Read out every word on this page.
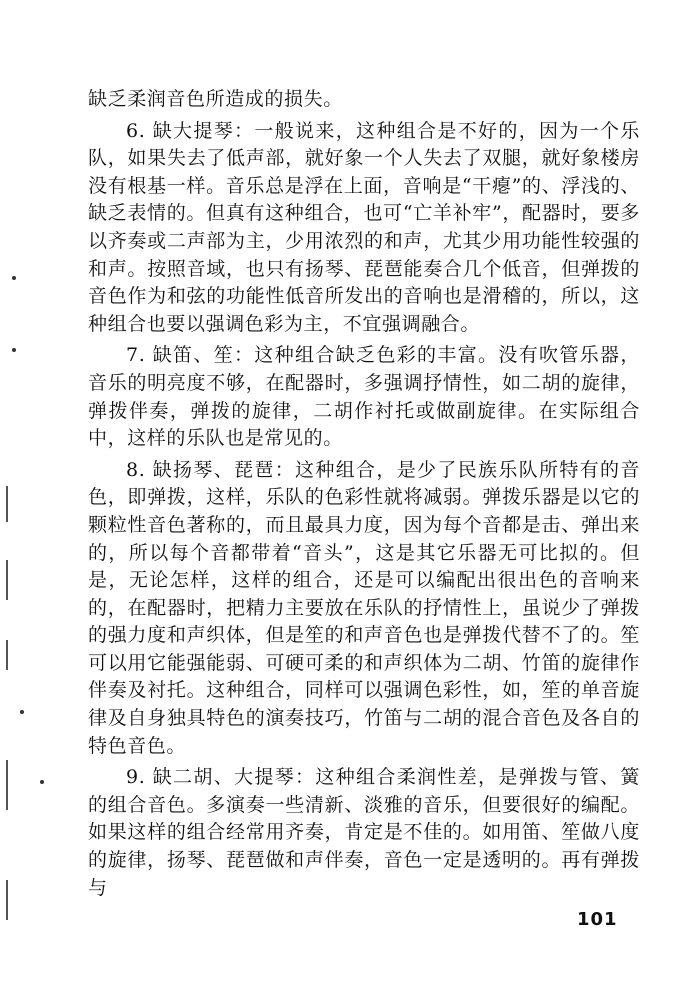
缺乏柔润音色所造成的损失。

6. 缺大提琴：一般说来，这种组合是不好的，因为一个乐队，如果失去了低声部，就好象一个人失去了双腿，就好象楼房没有根基一样。音乐总是浮在上面，音响是“干瘪”的、浮浅的、缺乏表情的。但真有这种组合，也可“亡羊补牢”，配器时，要多以齐奏或二声部为主，少用浓烈的和声，尤其少用功能性较强的和声。按照音域，也只有扬琴、琵琶能奏合几个低音，但弹拨的音色作为和弦的功能性低音所发出的音响也是滑稽的，所以，这种组合也要以强调色彩为主，不宜强调融合。

7. 缺笛、笙：这种组合缺乏色彩的丰富。没有吹管乐器，音乐的明亮度不够，在配器时，多强调抒情性，如二胡的旋律，弹拨伴奏，弹拨的旋律，二胡作衬托或做副旋律。在实际组合中，这样的乐队也是常见的。

8. 缺扬琴、琵琶：这种组合，是少了民族乐队所特有的音色，即弹拨，这样，乐队的色彩性就将减弱。弹拨乐器是以它的颗粒性音色著称的，而且最具力度，因为每个音都是击、弹出来的，所以每个音都带着“音头”，这是其它乐器无可比拟的。但是，无论怎样，这样的组合，还是可以编配出很出色的音响来的，在配器时，把精力主要放在乐队的抒情性上，虽说少了弹拨的强力度和声织体，但是笙的和声音色也是弹拨代替不了的。笙可以用它能强能弱、可硬可柔的和声织体为二胡、竹笛的旋律作伴奏及衬托。这种组合，同样可以强调色彩性，如，笙的单音旋律及自身独具特色的演奏技巧，竹笛与二胡的混合音色及各自的特色音色。

9. 缺二胡、大提琴：这种组合柔润性差，是弹拨与管、簧的组合音色。多演奏一些清新、淡雅的音乐，但要很好的编配。如果这样的组合经常用齐奏，肯定是不佳的。如用笛、笙做八度的旋律，扬琴、琵琶做和声伴奏，音色一定是透明的。再有弹拨与

101
